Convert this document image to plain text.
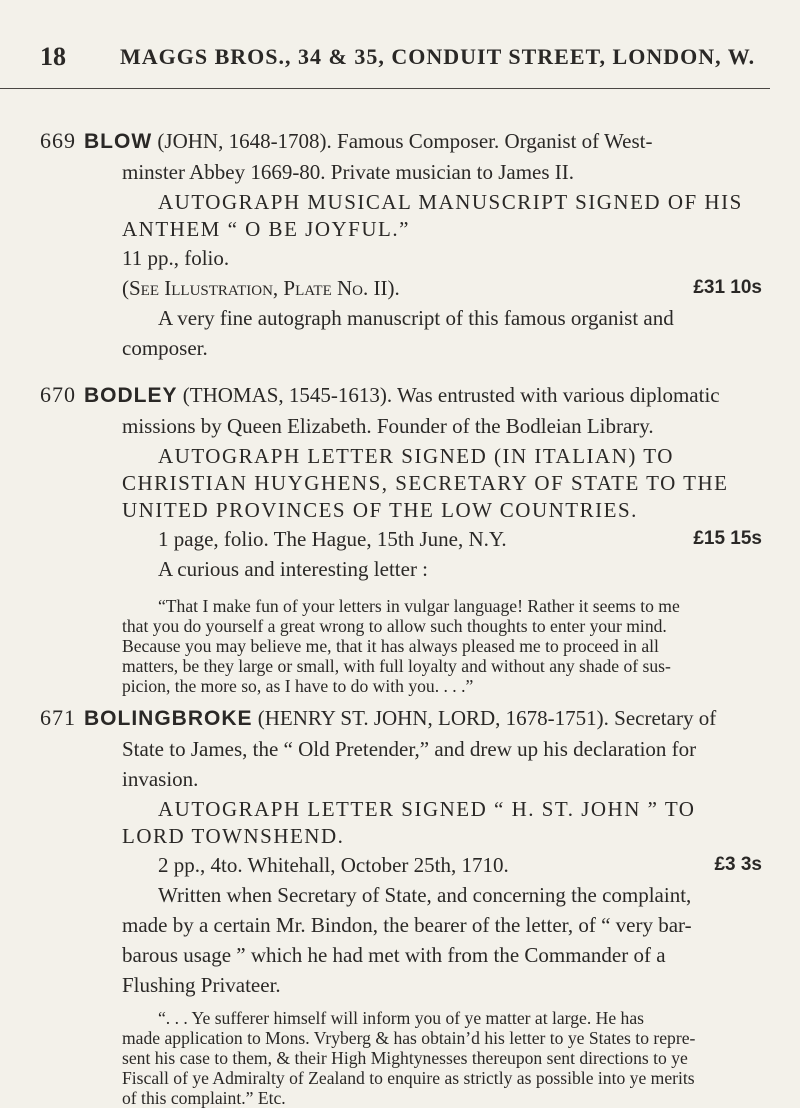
18 MAGGS BROS., 34 & 35, CONDUIT STREET, LONDON, W.
669 BLOW (JOHN, 1648-1708). Famous Composer. Organist of West-
minster Abbey 1669-80. Private musician to James II.
AUTOGRAPH MUSICAL MANUSCRIPT SIGNED OF HIS
ANTHEM “ O BE JOYFUL.”
11 pp., folio.
(See Illustration, Plate No. II).	£31 10s
A very fine autograph manuscript of this famous organist and
composer.
670 BODLEY (THOMAS, 1545-1613). Was entrusted with various diplomatic
missions by Queen Elizabeth. Founder of the Bodleian Library.
AUTOGRAPH LETTER SIGNED (IN ITALIAN) TO
CHRISTIAN HUYGHENS, SECRETARY OF STATE TO THE
UNITED PROVINCES OF THE LOW COUNTRIES.
1 page, folio. The Hague, 15th June, N.Y.	£15 15s
A curious and interesting letter :
“That I make fun of your letters in vulgar language! Rather it seems to me
that you do yourself a great wrong to allow such thoughts to enter your mind.
Because you may believe me, that it has always pleased me to proceed in all
matters, be they large or small, with full loyalty and without any shade of sus-
picion, the more so, as I have to do with you. . . .”
671 BOLINGBROKE (HENRY ST. JOHN, LORD, 1678-1751). Secretary of
State to James, the “ Old Pretender,” and drew up his declaration for
invasion.
AUTOGRAPH LETTER SIGNED “ H. ST. JOHN ” TO
LORD TOWNSHEND.
2 pp., 4to. Whitehall, October 25th, 1710.	£3 3s
Written when Secretary of State, and concerning the complaint,
made by a certain Mr. Bindon, the bearer of the letter, of “ very bar-
barous usage ” which he had met with from the Commander of a
Flushing Privateer.
“. . . Ye sufferer himself will inform you of ye matter at large. He has
made application to Mons. Vryberg & has obtain’d his letter to ye States to repre-
sent his case to them, & their High Mightynesses thereupon sent directions to ye
Fiscall of ye Admiralty of Zealand to enquire as strictly as possible into ye merits
of this complaint.” Etc.
